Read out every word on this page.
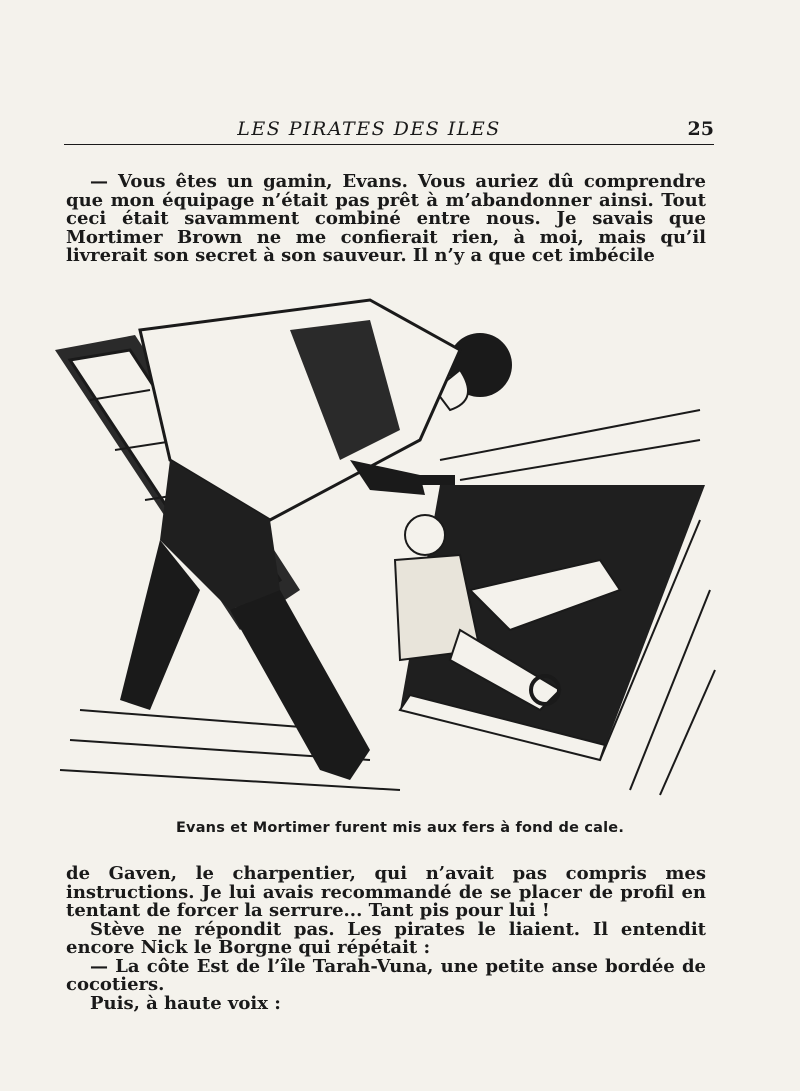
LES PIRATES DES ILES	25

— Vous êtes un gamin, Evans. Vous auriez dû comprendre que mon équipage n’était pas prêt à m’abandonner ainsi. Tout ceci était savamment combiné entre nous. Je savais que Mortimer Brown ne me confierait rien, à moi, mais qu’il livrerait son secret à son sauveur. Il n’y a que cet imbécile

Evans et Mortimer furent mis aux fers à fond de cale.

de Gaven, le charpentier, qui n’avait pas compris mes instructions. Je lui avais recommandé de se placer de profil en tentant de forcer la serrure... Tant pis pour lui !

Stève ne répondit pas. Les pirates le liaient. Il entendit encore Nick le Borgne qui répétait :

— La côte Est de l’île Tarah-Vuna, une petite anse bordée de cocotiers.

Puis, à haute voix :
